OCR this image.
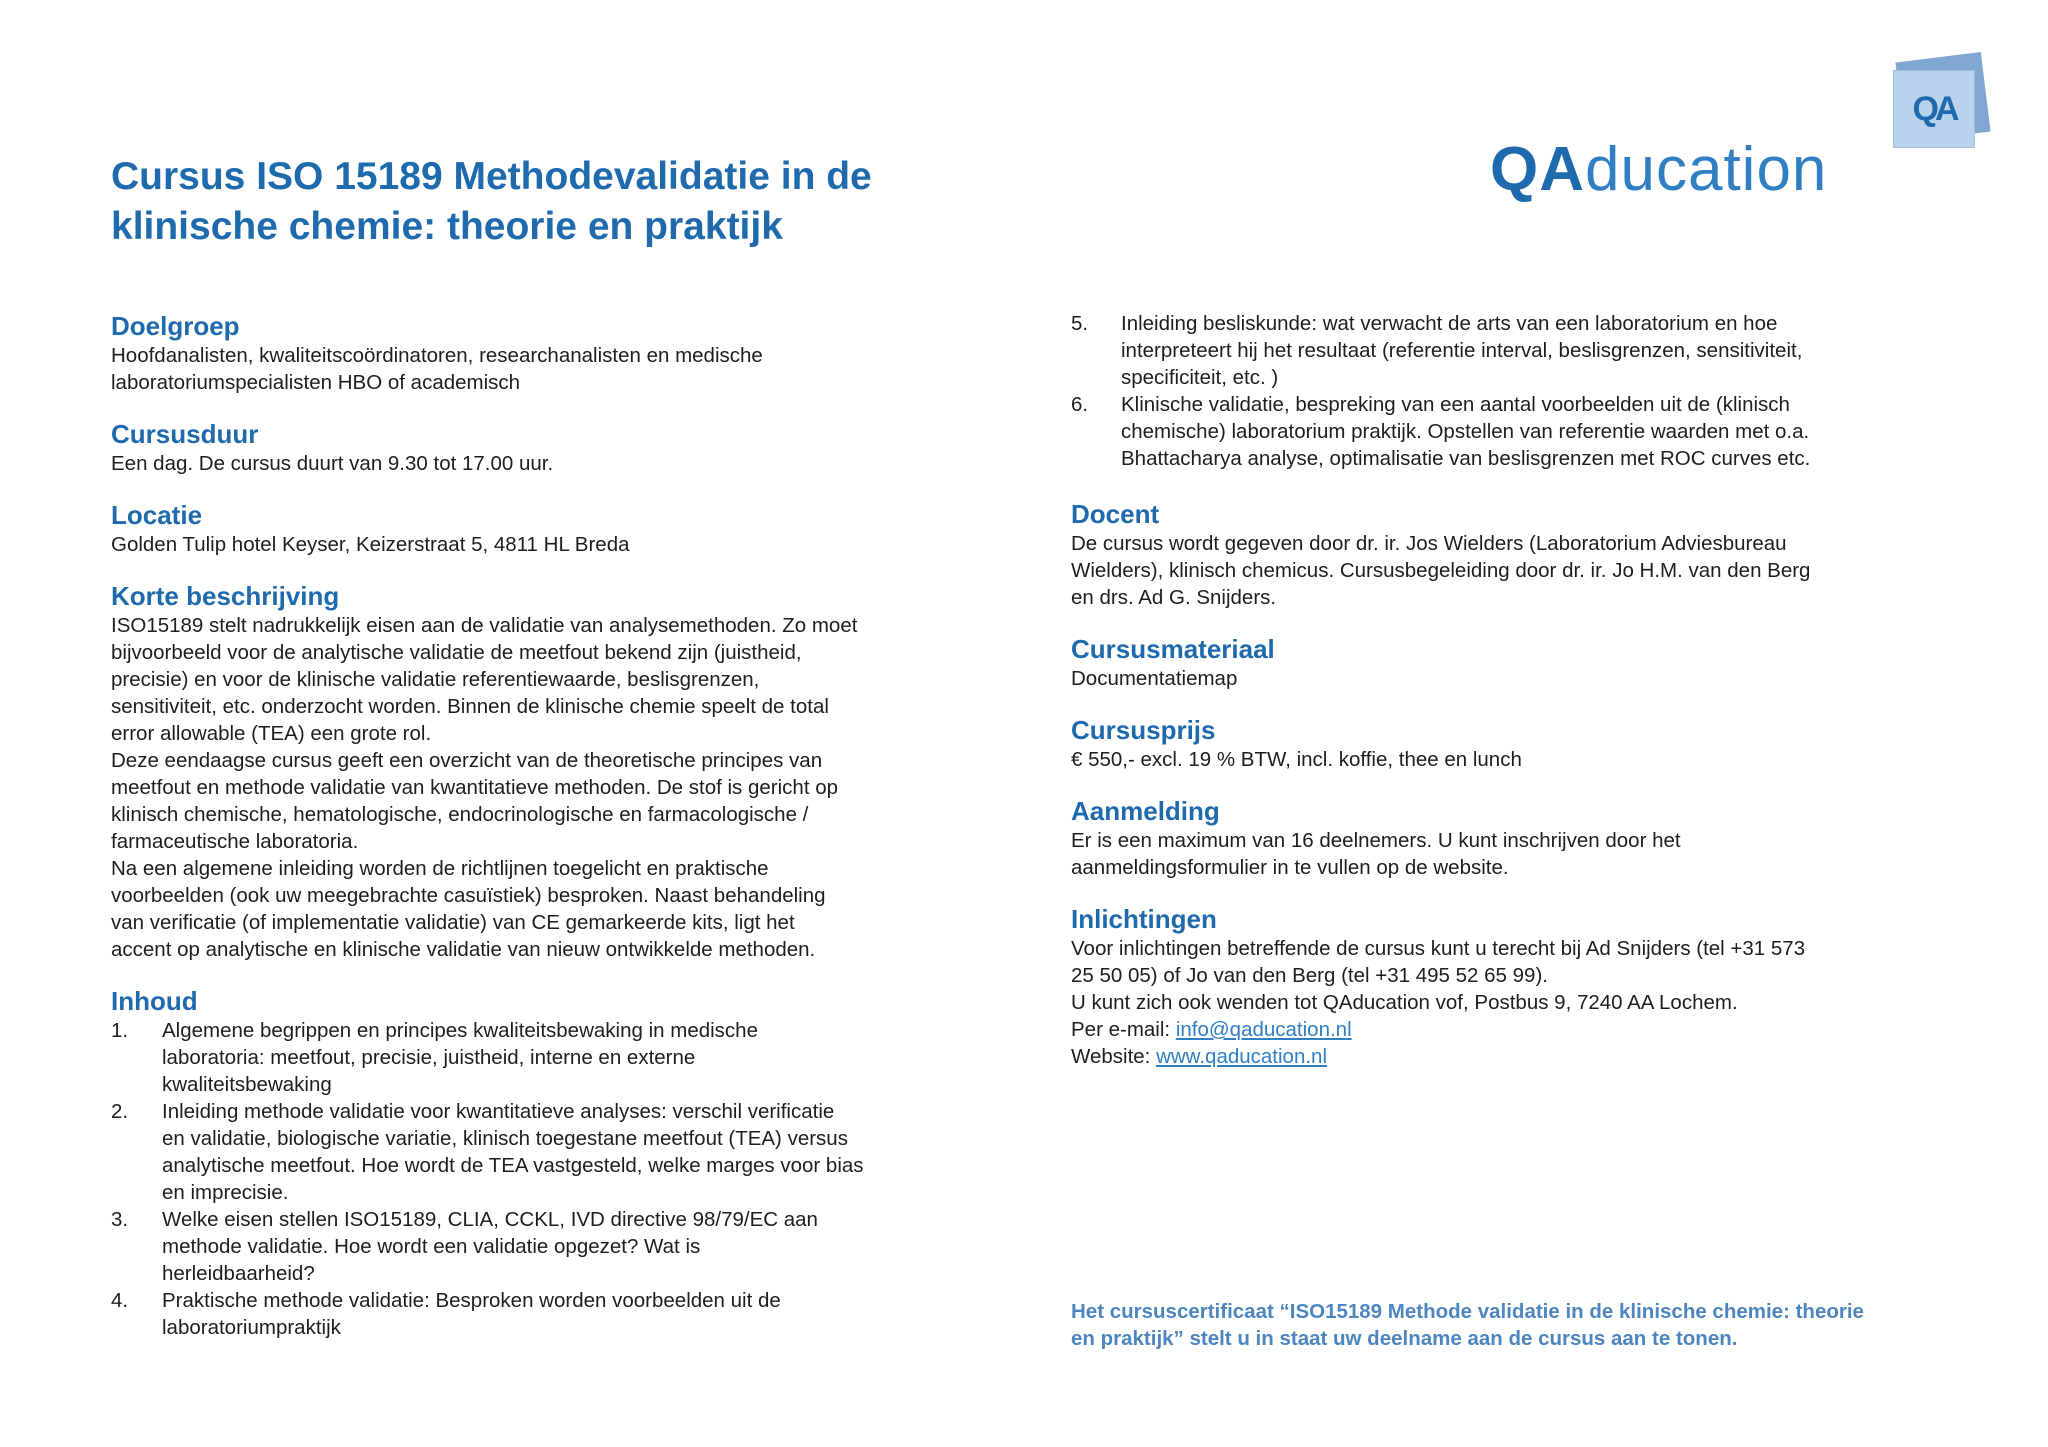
Cursus ISO 15189 Methodevalidatie in de
klinische chemie: theorie en praktijk
QA
QAducation
Doelgroep

Hoofdanalisten, kwaliteitscoördinatoren, researchanalisten en medische
laboratoriumspecialisten HBO of academisch

Cursusduur

Een dag. De cursus duurt van 9.30 tot 17.00 uur.

Locatie

Golden Tulip hotel Keyser, Keizerstraat 5, 4811 HL Breda

Korte beschrijving

ISO15189 stelt nadrukkelijk eisen aan de validatie van analysemethoden. Zo moet
bijvoorbeeld voor de analytische validatie de meetfout bekend zijn (juistheid,
precisie) en voor de klinische validatie referentiewaarde, beslisgrenzen,
sensitiviteit, etc. onderzocht worden. Binnen de klinische chemie speelt de total
error allowable (TEA) een grote rol.
Deze eendaagse cursus geeft een overzicht van de theoretische principes van
meetfout en methode validatie van kwantitatieve methoden. De stof is gericht op
klinisch chemische, hematologische, endocrinologische en farmacologische /
farmaceutische laboratoria.
Na een algemene inleiding worden de richtlijnen toegelicht en praktische
voorbeelden (ook uw meegebrachte casuïstiek) besproken. Naast behandeling
van verificatie (of implementatie validatie) van CE gemarkeerde kits, ligt het
accent op analytische en klinische validatie van nieuw ontwikkelde methoden.

Inhoud
1. Algemene begrippen en principes kwaliteitsbewaking in medische
laboratoria: meetfout, precisie, juistheid, interne en externe
kwaliteitsbewaking
2. Inleiding methode validatie voor kwantitatieve analyses: verschil verificatie
en validatie, biologische variatie, klinisch toegestane meetfout (TEA) versus
analytische meetfout. Hoe wordt de TEA vastgesteld, welke marges voor bias
en imprecisie.
3. Welke eisen stellen ISO15189, CLIA, CCKL, IVD directive 98/79/EC aan
methode validatie. Hoe wordt een validatie opgezet? Wat is
herleidbaarheid?
4. Praktische methode validatie: Besproken worden voorbeelden uit de
laboratoriumpraktijk
5. Inleiding besliskunde: wat verwacht de arts van een laboratorium en hoe
interpreteert hij het resultaat (referentie interval, beslisgrenzen, sensitiviteit,
specificiteit, etc. )
6. Klinische validatie, bespreking van een aantal voorbeelden uit de (klinisch
chemische) laboratorium praktijk. Opstellen van referentie waarden met o.a.
Bhattacharya analyse, optimalisatie van beslisgrenzen met ROC curves etc.
Docent

De cursus wordt gegeven door dr. ir. Jos Wielders (Laboratorium Adviesbureau
Wielders), klinisch chemicus. Cursusbegeleiding door dr. ir. Jo H.M. van den Berg
en drs. Ad G. Snijders.

Cursusmateriaal

Documentatiemap

Cursusprijs

€ 550,- excl. 19 % BTW, incl. koffie, thee en lunch

Aanmelding

Er is een maximum van 16 deelnemers. U kunt inschrijven door het
aanmeldingsformulier in te vullen op de website.

Inlichtingen

Voor inlichtingen betreffende de cursus kunt u terecht bij Ad Snijders (tel +31 573
25 50 05) of Jo van den Berg (tel +31 495 52 65 99).
U kunt zich ook wenden tot QAducation vof, Postbus 9, 7240 AA Lochem.
Per e-mail: info@qaducation.nl
Website: www.qaducation.nl

Het cursuscertificaat “ISO15189 Methode validatie in de klinische chemie: theorie
en praktijk” stelt u in staat uw deelname aan de cursus aan te tonen.
